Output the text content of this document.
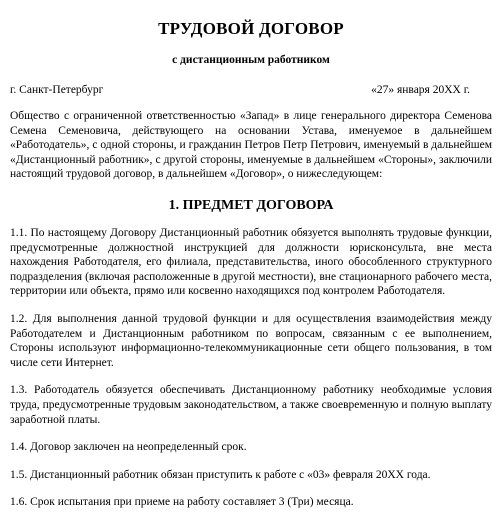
ТРУДОВОЙ ДОГОВОР
с дистанционным работником
г. Санкт-Петербург	«27» января 20ХХ г.

Общество с ограниченной ответственностью «Запад» в лице генерального директора Семенова Семена Семеновича, действующего на основании Устава, именуемое в дальнейшем «Работодатель», с одной стороны, и гражданин Петров Петр Петрович, именуемый в дальнейшем «Дистанционный работник», с другой стороны, именуемые в дальнейшем «Стороны», заключили настоящий трудовой договор, в дальнейшем «Договор», о нижеследующем:

1. ПРЕДМЕТ ДОГОВОРА

1.1. По настоящему Договору Дистанционный работник обязуется выполнять трудовые функции, предусмотренные должностной инструкцией для должности юрисконсульта, вне места нахождения Работодателя, его филиала, представительства, иного обособленного структурного подразделения (включая расположенные в другой местности), вне стационарного рабочего места, территории или объекта, прямо или косвенно находящихся под контролем Работодателя.

1.2. Для выполнения данной трудовой функции и для осуществления взаимодействия между Работодателем и Дистанционным работником по вопросам, связанным с ее выполнением, Стороны используют информационно-телекоммуникационные сети общего пользования, в том числе сети Интернет.

1.3. Работодатель обязуется обеспечивать Дистанционному работнику необходимые условия труда, предусмотренные трудовым законодательством, а также своевременную и полную выплату заработной платы.

1.4. Договор заключен на неопределенный срок.

1.5. Дистанционный работник обязан приступить к работе с «03» февраля 20ХХ года.

1.6. Срок испытания при приеме на работу составляет 3 (Три) месяца.
